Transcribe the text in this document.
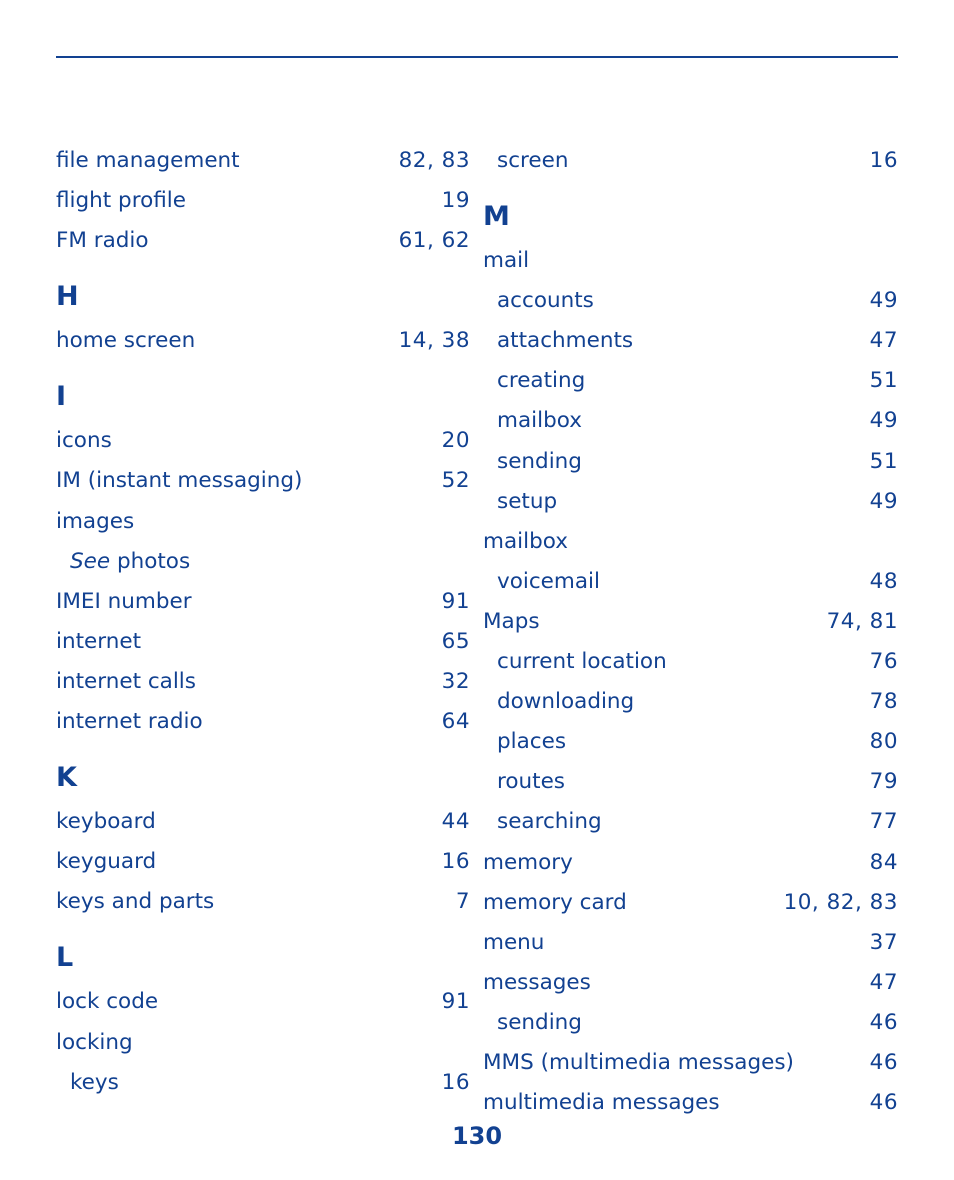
file management	82, 83
flight profile	19
FM radio	61, 62
H
home screen	14, 38
I
icons	20
IM (instant messaging)	52
images
See photos
IMEI number	91
internet	65
internet calls	32
internet radio	64
K
keyboard	44
keyguard	16
keys and parts	7
L
lock code	91
locking
keys	16
screen	16
M
mail
accounts	49
attachments	47
creating	51
mailbox	49
sending	51
setup	49
mailbox
voicemail	48
Maps	74, 81
current location	76
downloading	78
places	80
routes	79
searching	77
memory	84
memory card	10, 82, 83
menu	37
messages	47
sending	46
MMS (multimedia messages)	46
multimedia messages	46
130
